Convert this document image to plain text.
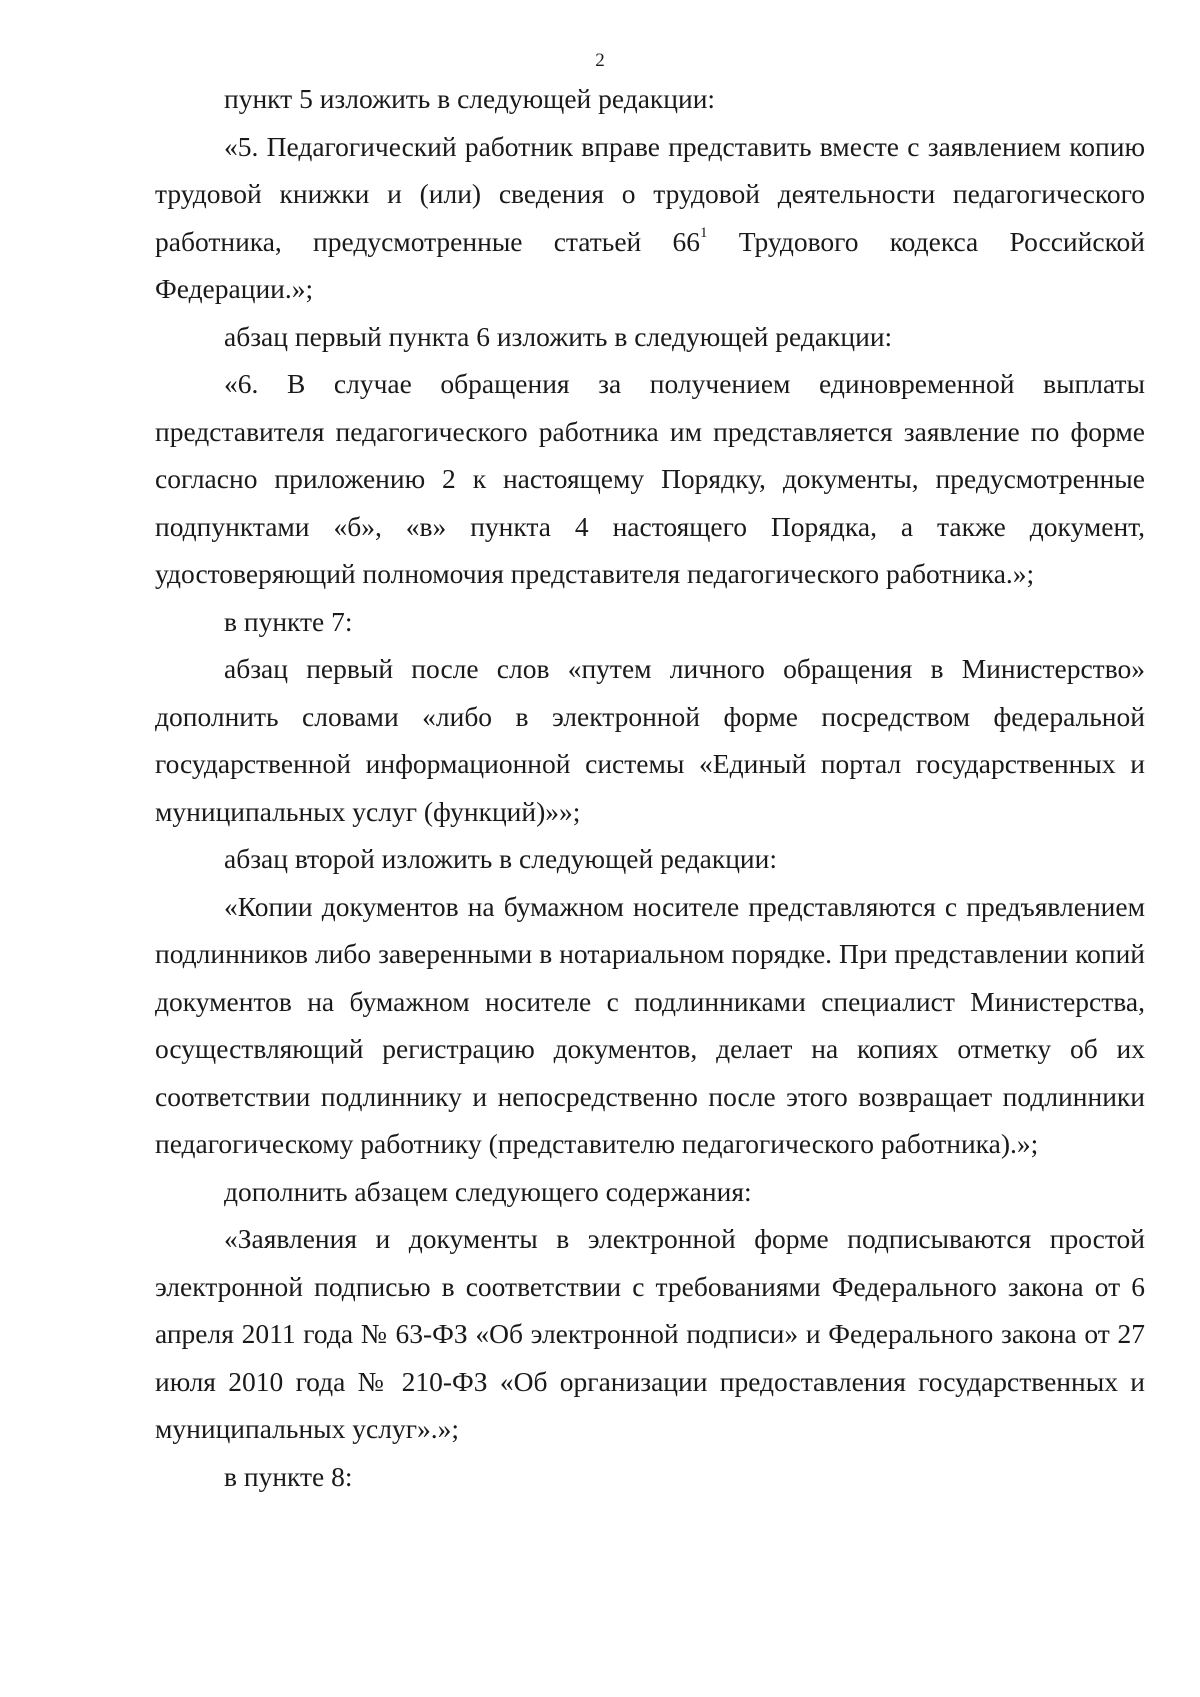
2

пункт 5 изложить в следующей редакции:

«5. Педагогический работник вправе представить вместе с заявлением копию трудовой книжки и (или) сведения о трудовой деятельности педагогического работника, предусмотренные статьей $66^1$ Трудового кодекса Российской Федерации.»;

абзац первый пункта 6 изложить в следующей редакции:

«6. В случае обращения за получением единовременной выплаты представителя педагогического работника им представляется заявление по форме согласно приложению 2 к настоящему Порядку, документы, предусмотренные подпунктами «б», «в» пункта 4 настоящего Порядка, а также документ, удостоверяющий полномочия представителя педагогического работника.»;

в пункте 7:

абзац первый после слов «путем личного обращения в Министерство» дополнить словами «либо в электронной форме посредством федеральной государственной информационной системы «Единый портал государственных и муниципальных услуг (функций)»»;

абзац второй изложить в следующей редакции:

«Копии документов на бумажном носителе представляются с предъявлением подлинников либо заверенными в нотариальном порядке. При представлении копий документов на бумажном носителе с подлинниками специалист Министерства, осуществляющий регистрацию документов, делает на копиях отметку об их соответствии подлиннику и непосредственно после этого возвращает подлинники педагогическому работнику (представителю педагогического работника).»;

дополнить абзацем следующего содержания:

«Заявления и документы в электронной форме подписываются простой электронной подписью в соответствии с требованиями Федерального закона от 6 апреля 2011 года № 63-ФЗ «Об электронной подписи» и Федерального закона от 27 июля 2010 года № 210-ФЗ «Об организации предоставления государственных и муниципальных услуг».»;

в пункте 8:
